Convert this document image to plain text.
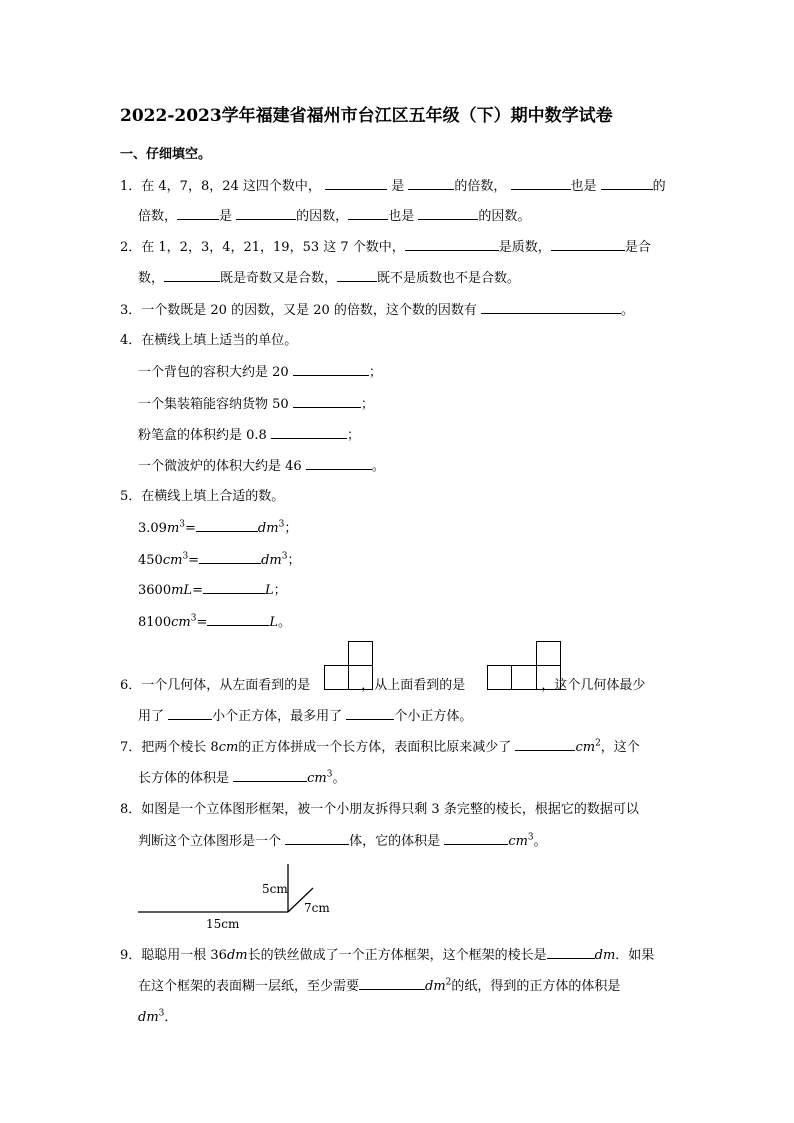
2022-2023学年福建省福州市台江区五年级（下）期中数学试卷
一、仔细填空。
1．在 4，7，8，24 这四个数中，	是	的倍数，	也是	的
倍数，	是	的因数，	也是	的因数。
2．在 1，2，3，4，21，19，53 这 7 个数中，	是质数，	是合
数，	既是奇数又是合数，	既不是质数也不是合数。
3．一个数既是 20 的因数，又是 20 的倍数，这个数的因数有	。
4．在横线上填上适当的单位。
一个背包的容积大约是 20	；
一个集装箱能容纳货物 50	；
粉笔盒的体积约是 0.8	；
一个微波炉的体积大约是 46	。
5．在横线上填上合适的数。
$3.09m^3=$	$dm^3$；
$450cm^3=$	$dm^3$；
3600mL=	L；
$8100cm^3=$	L。
6．一个几何体，从左面看到的是	，从上面看到的是	，这个几何体最少
用了	小个正方体，最多用了	个小正方体。
7．把两个棱长 8cm的正方体拼成一个长方体，表面积比原来减少了	$cm^2$，这个
长方体的体积是	$cm^3$。
8．如图是一个立体图形框架，被一个小朋友拆得只剩 3 条完整的棱长，根据它的数据可以
判断这个立体图形是一个	体，它的体积是	$cm^3$。
5cm
7cm
15cm
9．聪聪用一根 36dm长的铁丝做成了一个正方体框架，这个框架的棱长是	dm．如果
在这个框架的表面糊一层纸，至少需要	$dm^2$的纸，得到的正方体的体积是
$dm^3$．
